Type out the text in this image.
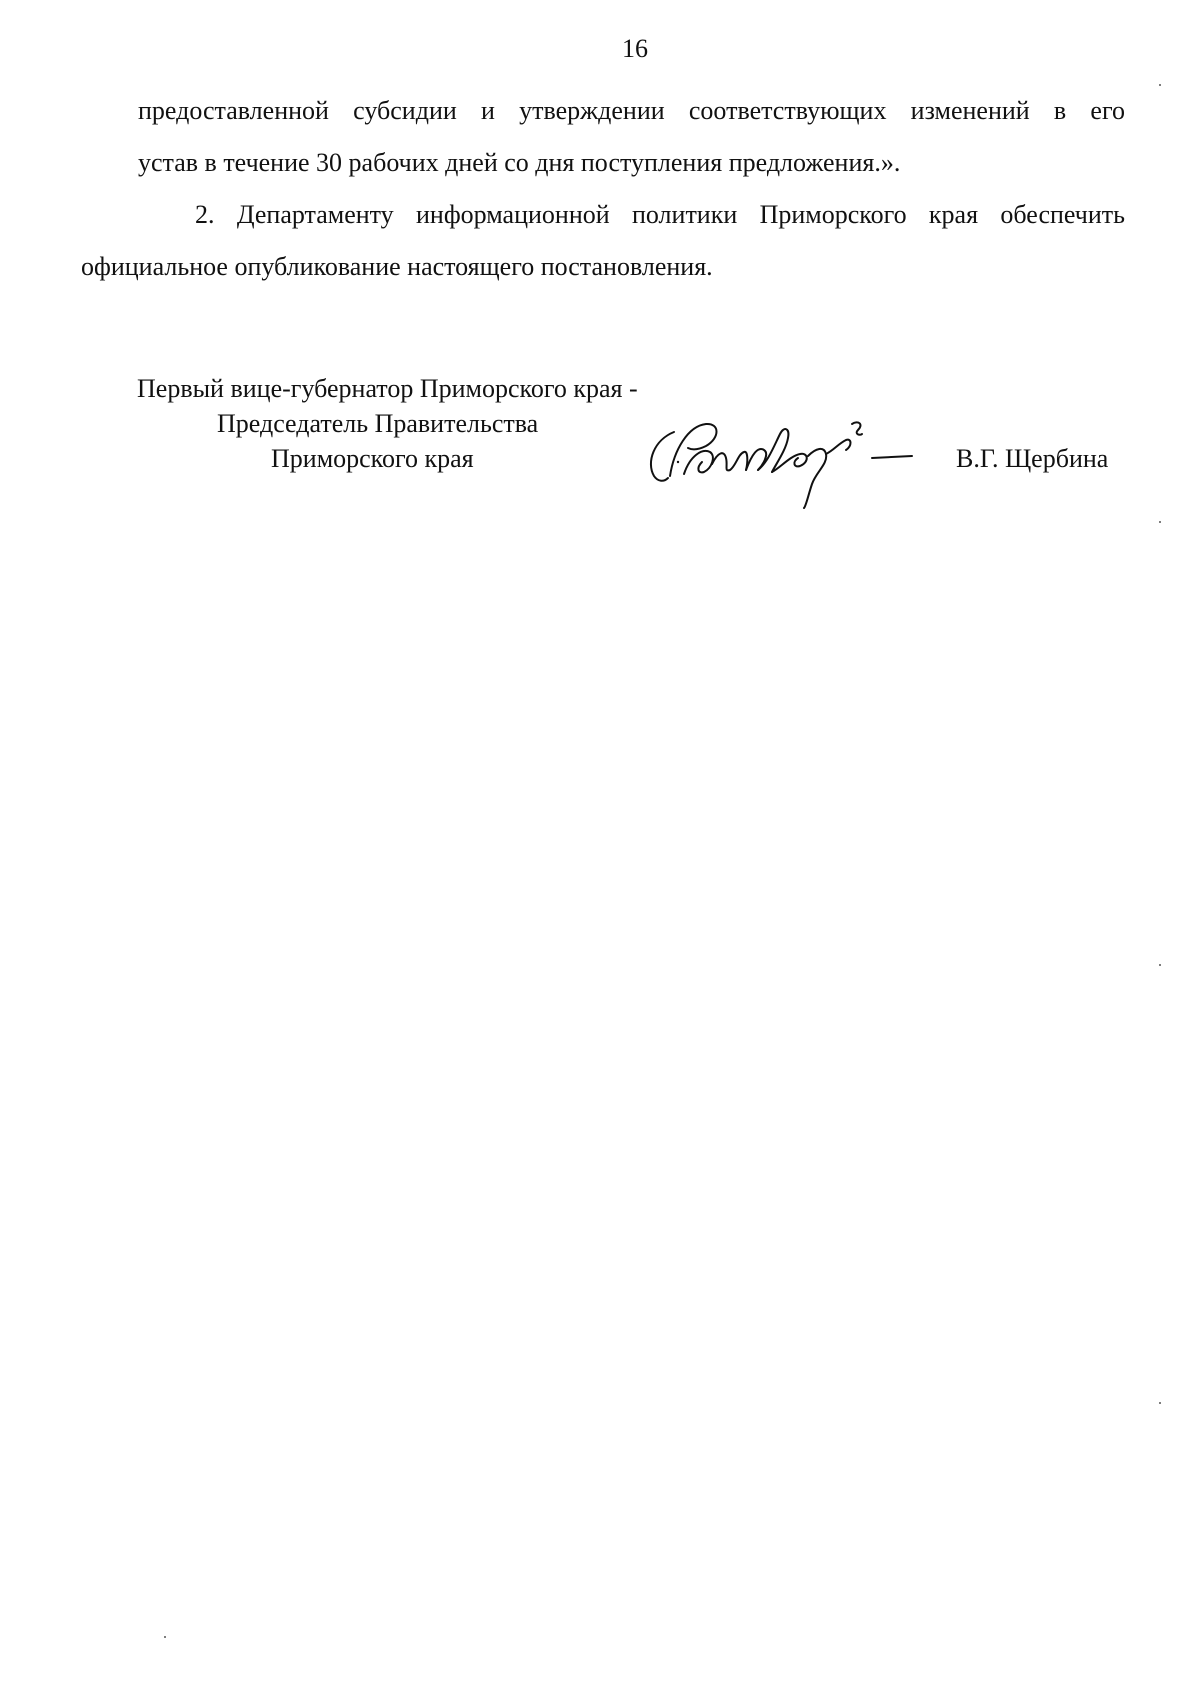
16

предоставленной субсидии и утверждении соответствующих изменений в его
устав в течение 30 рабочих дней со дня поступления предложения.».

2. Департаменту информационной политики Приморского края обеспечить
официальное опубликование настоящего постановления.

Первый вице-губернатор Приморского края -
Председатель Правительства
Приморского края	В.Г. Щербина
